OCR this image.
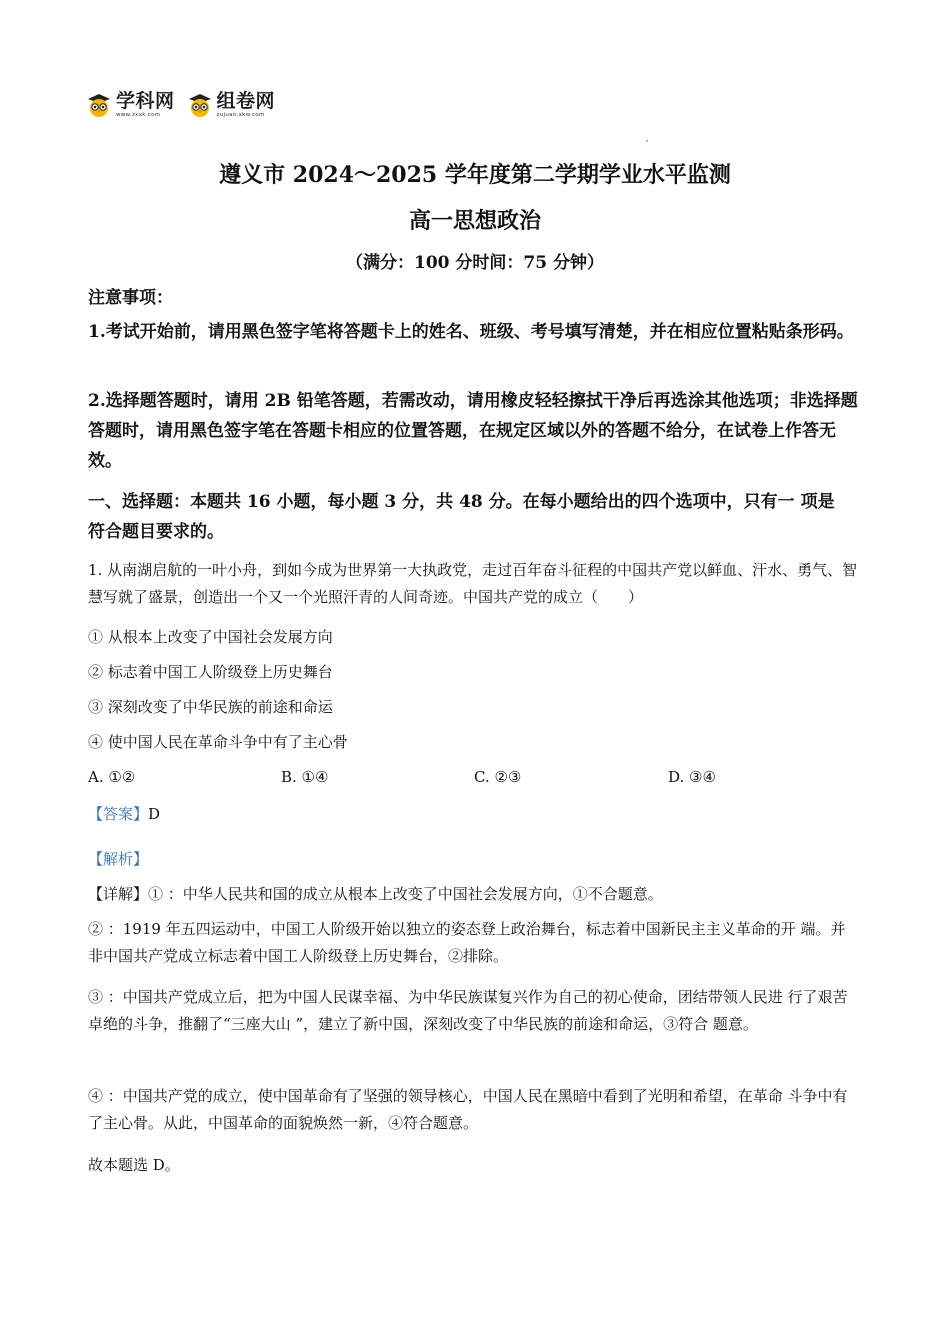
学科网
www.zxxk.com
组卷网
zujuan.xkw.com
遵义市 2024～2025 学年度第二学期学业水平监测
高一思想政治
（满分：100 分时间：75 分钟）
注意事项：
1.考试开始前，请用黑色签字笔将答题卡上的姓名、班级、考号填写清楚，并在相应位置粘贴条形码。
2.选择题答题时，请用 2B 铅笔答题，若需改动，请用橡皮轻轻擦拭干净后再选涂其他选项；非选择题答题时，请用黑色签字笔在答题卡相应的位置答题，在规定区域以外的答题不给分，在试卷上作答无效。
一、选择题：本题共 16 小题，每小题 3 分，共 48 分。在每小题给出的四个选项中，只有一 项是符合题目要求的。
1. 从南湖启航的一叶小舟，到如今成为世界第一大执政党，走过百年奋斗征程的中国共产党以鲜血、汗水、勇气、智慧写就了盛景，创造出一个又一个光照汗青的人间奇迹。中国共产党的成立（　　）
① 从根本上改变了中国社会发展方向
② 标志着中国工人阶级登上历史舞台
③ 深刻改变了中华民族的前途和命运
④ 使中国人民在革命斗争中有了主心骨
A. ①②	B. ①④	C. ②③	D. ③④
【答案】D
【解析】
【详解】① ：中华人民共和国的成立从根本上改变了中国社会发展方向，①不合题意。
② ：1919 年五四运动中，中国工人阶级开始以独立的姿态登上政治舞台，标志着中国新民主主义革命的开 端。并非中国共产党成立标志着中国工人阶级登上历史舞台，②排除。
③ ：中国共产党成立后，把为中国人民谋幸福、为中华民族谋复兴作为自己的初心使命，团结带领人民进 行了艰苦卓绝的斗争，推翻了“三座大山 ”，建立了新中国，深刻改变了中华民族的前途和命运，③符合 题意。
④ ：中国共产党的成立，使中国革命有了坚强的领导核心，中国人民在黑暗中看到了光明和希望，在革命 斗争中有了主心骨。从此，中国革命的面貌焕然一新，④符合题意。
故本题选 D。
